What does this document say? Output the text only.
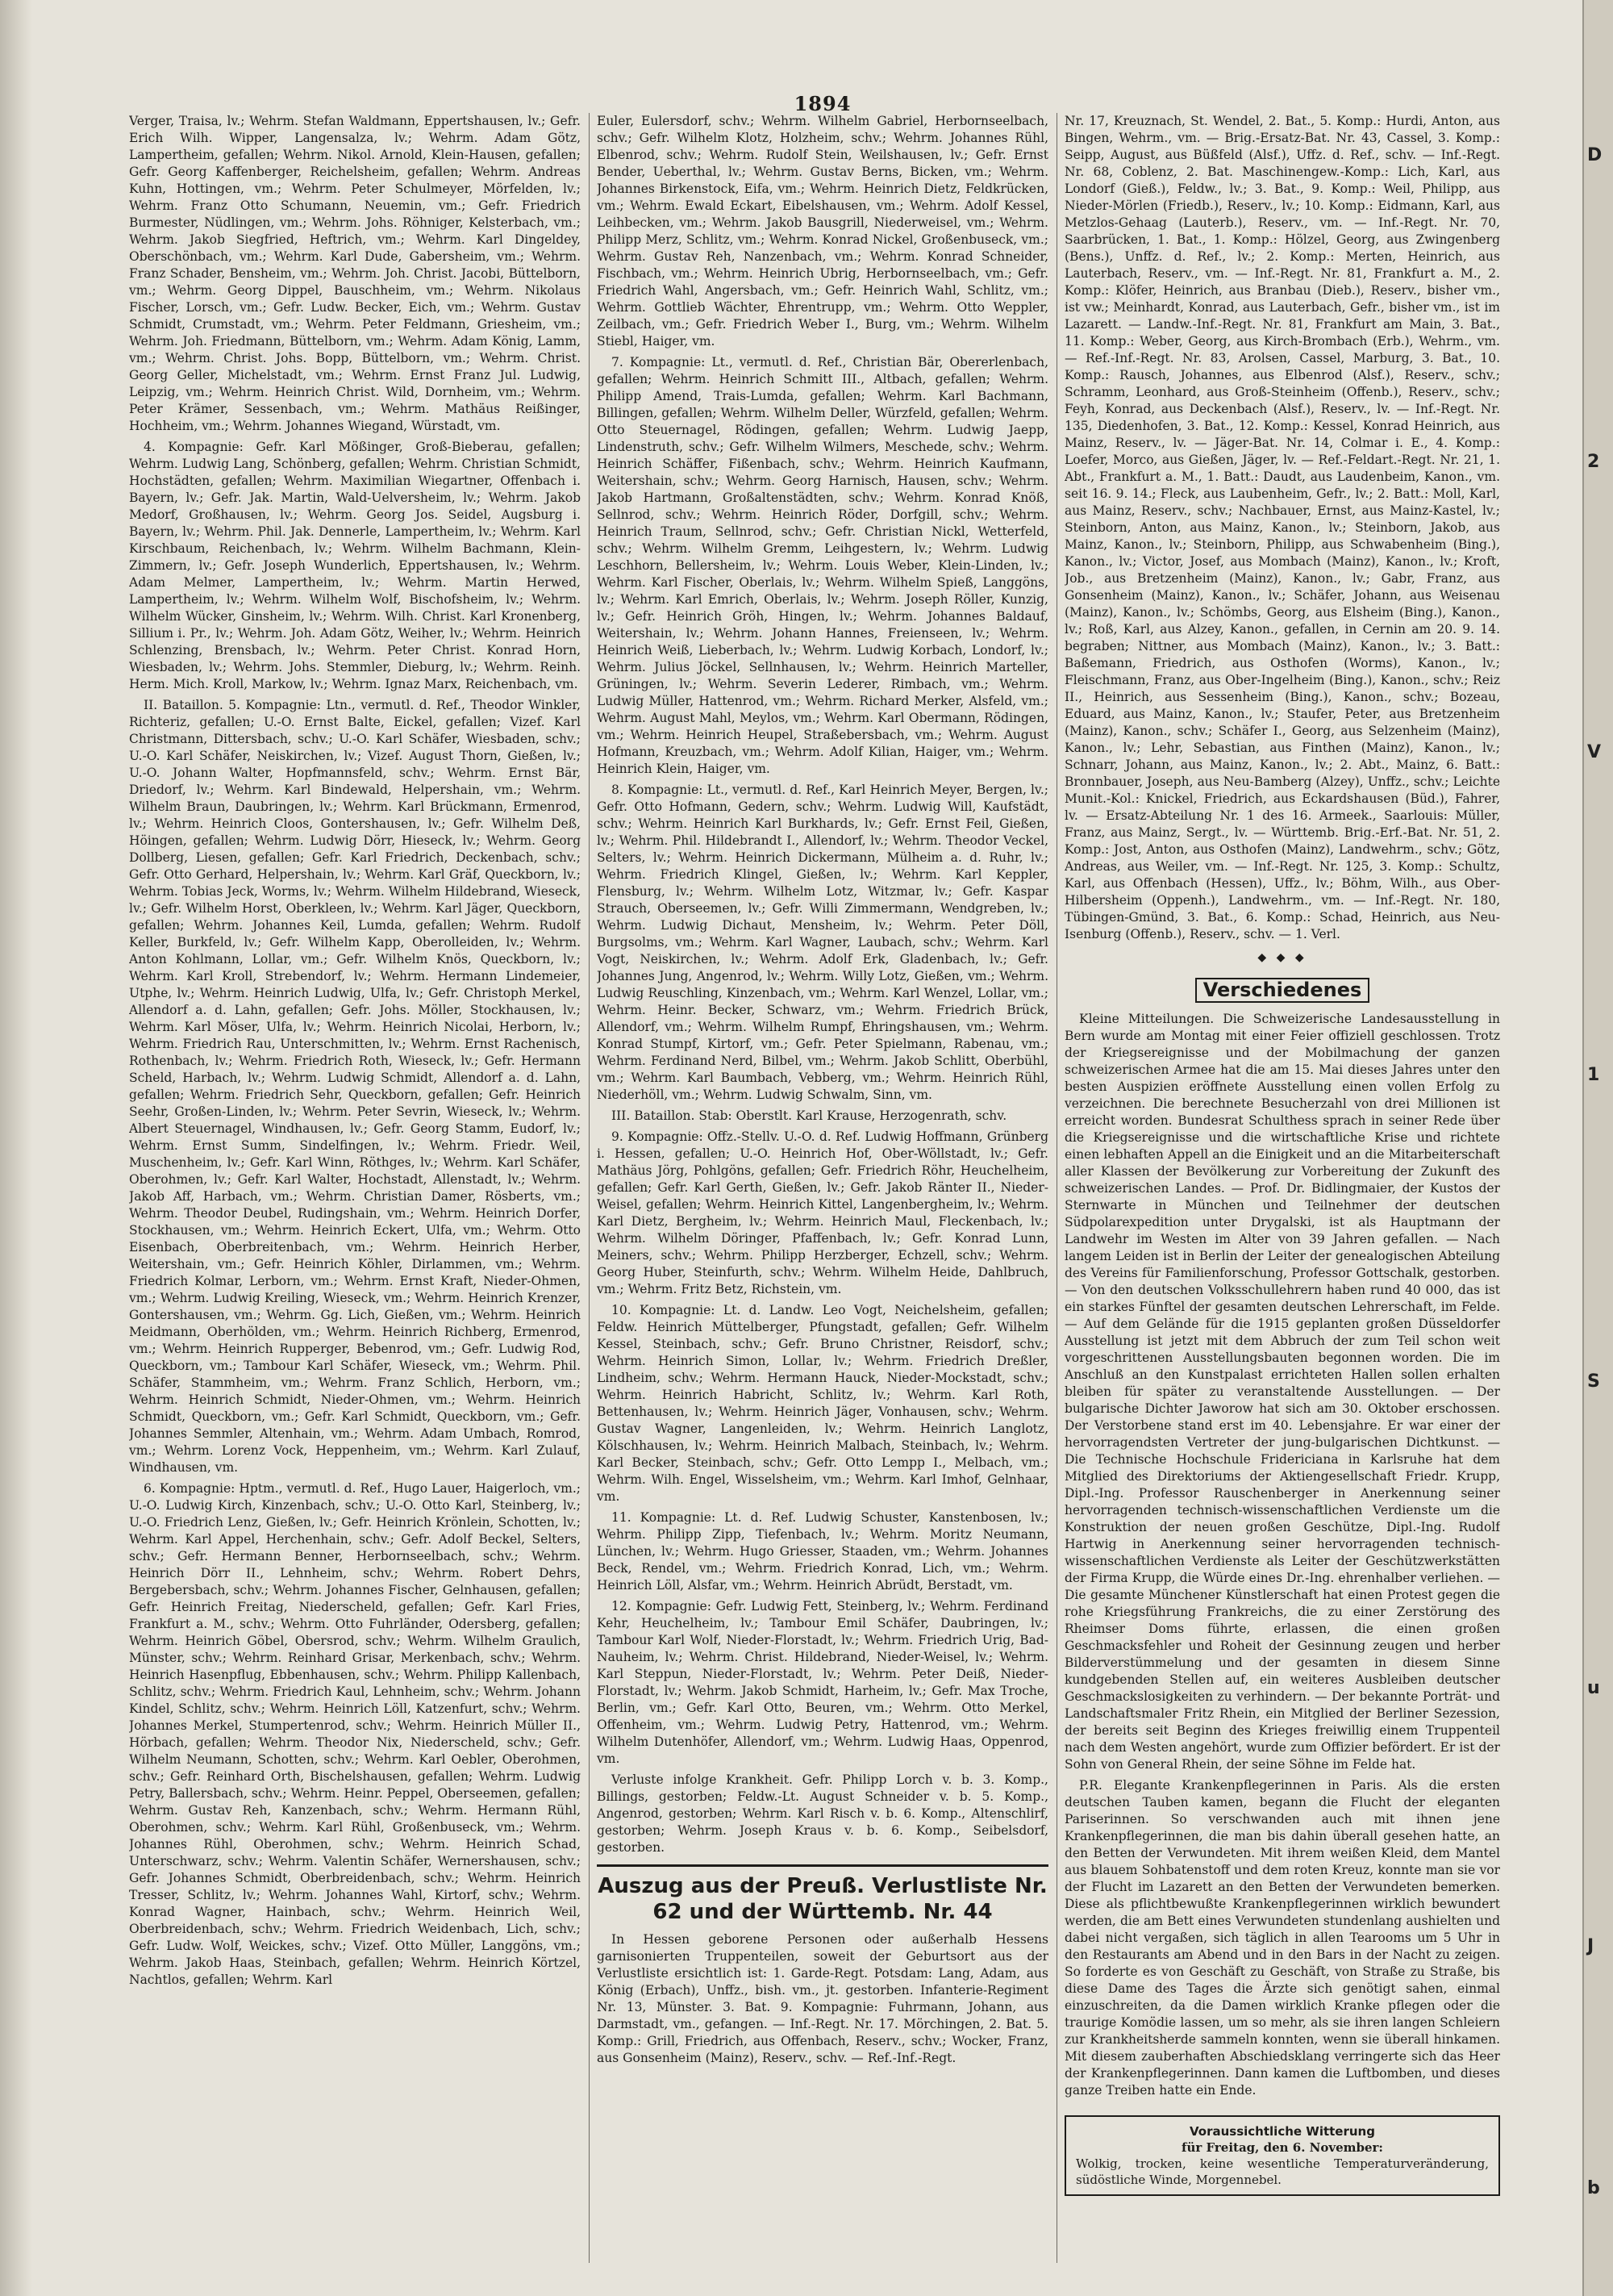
1894

Verger, Traisa, lv.; Wehrm. Stefan Waldmann, Eppertshausen, lv.; Gefr. Erich Wilh. Wipper, Langensalza, lv.; Wehrm. Adam Götz, Lampertheim, gefallen; Wehrm. Nikol. Arnold, Klein-Hausen, gefallen; Gefr. Georg Kaffenberger, Reichelsheim, gefallen; Wehrm. Andreas Kuhn, Hottingen, vm.; Wehrm. Peter Schulmeyer, Mörfelden, lv.; Wehrm. Franz Otto Schumann, Neuemin, vm.; Gefr. Friedrich Burmester, Nüdlingen, vm.; Wehrm. Johs. Röhniger, Kelsterbach, vm.; Wehrm. Jakob Siegfried, Heftrich, vm.; Wehrm. Karl Dingeldey, Oberschönbach, vm.; Wehrm. Karl Dude, Gabersheim, vm.; Wehrm. Franz Schader, Bensheim, vm.; Wehrm. Joh. Christ. Jacobi, Büttelborn, vm.; Wehrm. Georg Dippel, Bauschheim, vm.; Wehrm. Nikolaus Fischer, Lorsch, vm.; Gefr. Ludw. Becker, Eich, vm.; Wehrm. Gustav Schmidt, Crumstadt, vm.; Wehrm. Peter Feldmann, Griesheim, vm.; Wehrm. Joh. Friedmann, Büttelborn, vm.; Wehrm. Adam König, Lamm, vm.; Wehrm. Christ. Johs. Bopp, Büttelborn, vm.; Wehrm. Christ. Georg Geller, Michelstadt, vm.; Wehrm. Ernst Franz Jul. Ludwig, Leipzig, vm.; Wehrm. Heinrich Christ. Wild, Dornheim, vm.; Wehrm. Peter Krämer, Sessenbach, vm.; Wehrm. Mathäus Reißinger, Hochheim, vm.; Wehrm. Johannes Wiegand, Würstadt, vm.

4. Kompagnie: Gefr. Karl Mößinger, Groß-Bieberau, gefallen; Wehrm. Ludwig Lang, Schönberg, gefallen; Wehrm. Christian Schmidt, Hochstädten, gefallen; Wehrm. Maximilian Wiegartner, Offenbach i. Bayern, lv.; Gefr. Jak. Martin, Wald-Uelversheim, lv.; Wehrm. Jakob Medorf, Großhausen, lv.; Wehrm. Georg Jos. Seidel, Augsburg i. Bayern, lv.; Wehrm. Phil. Jak. Dennerle, Lampertheim, lv.; Wehrm. Karl Kirschbaum, Reichenbach, lv.; Wehrm. Wilhelm Bachmann, Klein-Zimmern, lv.; Gefr. Joseph Wunderlich, Eppertshausen, lv.; Wehrm. Adam Melmer, Lampertheim, lv.; Wehrm. Martin Herwed, Lampertheim, lv.; Wehrm. Wilhelm Wolf, Bischofsheim, lv.; Wehrm. Wilhelm Wücker, Ginsheim, lv.; Wehrm. Wilh. Christ. Karl Kronenberg, Sillium i. Pr., lv.; Wehrm. Joh. Adam Götz, Weiher, lv.; Wehrm. Heinrich Schlenzing, Brensbach, lv.; Wehrm. Peter Christ. Konrad Horn, Wiesbaden, lv.; Wehrm. Johs. Stemmler, Dieburg, lv.; Wehrm. Reinh. Herm. Mich. Kroll, Markow, lv.; Wehrm. Ignaz Marx, Reichenbach, vm.

II. Bataillon. 5. Kompagnie: Ltn., vermutl. d. Ref., Theodor Winkler, Richteriz, gefallen; U.-O. Ernst Balte, Eickel, gefallen; Vizef. Karl Christmann, Dittersbach, schv.; U.-O. Karl Schäfer, Wiesbaden, schv.; U.-O. Karl Schäfer, Neiskirchen, lv.; Vizef. August Thorn, Gießen, lv.; U.-O. Johann Walter, Hopfmannsfeld, schv.; Wehrm. Ernst Bär, Driedorf, lv.; Wehrm. Karl Bindewald, Helpershain, vm.; Wehrm. Wilhelm Braun, Daubringen, lv.; Wehrm. Karl Brückmann, Ermenrod, lv.; Wehrm. Heinrich Cloos, Gontershausen, lv.; Gefr. Wilhelm Deß, Höingen, gefallen; Wehrm. Ludwig Dörr, Hieseck, lv.; Wehrm. Georg Dollberg, Liesen, gefallen; Gefr. Karl Friedrich, Deckenbach, schv.; Gefr. Otto Gerhard, Helpershain, lv.; Wehrm. Karl Gräf, Queckborn, lv.; Wehrm. Tobias Jeck, Worms, lv.; Wehrm. Wilhelm Hildebrand, Wieseck, lv.; Gefr. Wilhelm Horst, Oberkleen, lv.; Wehrm. Karl Jäger, Queckborn, gefallen; Wehrm. Johannes Keil, Lumda, gefallen; Wehrm. Rudolf Keller, Burkfeld, lv.; Gefr. Wilhelm Kapp, Oberolleiden, lv.; Wehrm. Anton Kohlmann, Lollar, vm.; Gefr. Wilhelm Knös, Queckborn, lv.; Wehrm. Karl Kroll, Strebendorf, lv.; Wehrm. Hermann Lindemeier, Utphe, lv.; Wehrm. Heinrich Ludwig, Ulfa, lv.; Gefr. Christoph Merkel, Allendorf a. d. Lahn, gefallen; Gefr. Johs. Möller, Stockhausen, lv.; Wehrm. Karl Möser, Ulfa, lv.; Wehrm. Heinrich Nicolai, Herborn, lv.; Wehrm. Friedrich Rau, Unterschmitten, lv.; Wehrm. Ernst Rachenisch, Rothenbach, lv.; Wehrm. Friedrich Roth, Wieseck, lv.; Gefr. Hermann Scheld, Harbach, lv.; Wehrm. Ludwig Schmidt, Allendorf a. d. Lahn, gefallen; Wehrm. Friedrich Sehr, Queckborn, gefallen; Gefr. Heinrich Seehr, Großen-Linden, lv.; Wehrm. Peter Sevrin, Wieseck, lv.; Wehrm. Albert Steuernagel, Windhausen, lv.; Gefr. Georg Stamm, Eudorf, lv.; Wehrm. Ernst Summ, Sindelfingen, lv.; Wehrm. Friedr. Weil, Muschenheim, lv.; Gefr. Karl Winn, Röthges, lv.; Wehrm. Karl Schäfer, Oberohmen, lv.; Gefr. Karl Walter, Hochstadt, Allenstadt, lv.; Wehrm. Jakob Aff, Harbach, vm.; Wehrm. Christian Damer, Rösberts, vm.; Wehrm. Theodor Deubel, Rudingshain, vm.; Wehrm. Heinrich Dorfer, Stockhausen, vm.; Wehrm. Heinrich Eckert, Ulfa, vm.; Wehrm. Otto Eisenbach, Oberbreitenbach, vm.; Wehrm. Heinrich Herber, Weitershain, vm.; Gefr. Heinrich Köhler, Dirlammen, vm.; Wehrm. Friedrich Kolmar, Lerborn, vm.; Wehrm. Ernst Kraft, Nieder-Ohmen, vm.; Wehrm. Ludwig Kreiling, Wieseck, vm.; Wehrm. Heinrich Krenzer, Gontershausen, vm.; Wehrm. Gg. Lich, Gießen, vm.; Wehrm. Heinrich Meidmann, Oberhölden, vm.; Wehrm. Heinrich Richberg, Ermenrod, vm.; Wehrm. Heinrich Rupperger, Bebenrod, vm.; Gefr. Ludwig Rod, Queckborn, vm.; Tambour Karl Schäfer, Wieseck, vm.; Wehrm. Phil. Schäfer, Stammheim, vm.; Wehrm. Franz Schlich, Herborn, vm.; Wehrm. Heinrich Schmidt, Nieder-Ohmen, vm.; Wehrm. Heinrich Schmidt, Queckborn, vm.; Gefr. Karl Schmidt, Queckborn, vm.; Gefr. Johannes Semmler, Altenhain, vm.; Wehrm. Adam Umbach, Romrod, vm.; Wehrm. Lorenz Vock, Heppenheim, vm.; Wehrm. Karl Zulauf, Windhausen, vm.

6. Kompagnie: Hptm., vermutl. d. Ref., Hugo Lauer, Haigerloch, vm.; U.-O. Ludwig Kirch, Kinzenbach, schv.; U.-O. Otto Karl, Steinberg, lv.; U.-O. Friedrich Lenz, Gießen, lv.; Gefr. Heinrich Krönlein, Schotten, lv.; Wehrm. Karl Appel, Herchenhain, schv.; Gefr. Adolf Beckel, Selters, schv.; Gefr. Hermann Benner, Herbornseelbach, schv.; Wehrm. Heinrich Dörr II., Lehnheim, schv.; Wehrm. Robert Dehrs, Bergebersbach, schv.; Wehrm. Johannes Fischer, Gelnhausen, gefallen; Gefr. Heinrich Freitag, Niederscheld, gefallen; Gefr. Karl Fries, Frankfurt a. M., schv.; Wehrm. Otto Fuhrländer, Odersberg, gefallen; Wehrm. Heinrich Göbel, Obersrod, schv.; Wehrm. Wilhelm Graulich, Münster, schv.; Wehrm. Reinhard Grisar, Merkenbach, schv.; Wehrm. Heinrich Hasenpflug, Ebbenhausen, schv.; Wehrm. Philipp Kallenbach, Schlitz, schv.; Wehrm. Friedrich Kaul, Lehnheim, schv.; Wehrm. Johann Kindel, Schlitz, schv.; Wehrm. Heinrich Löll, Katzenfurt, schv.; Wehrm. Johannes Merkel, Stumpertenrod, schv.; Wehrm. Heinrich Müller II., Hörbach, gefallen; Wehrm. Theodor Nix, Niederscheld, schv.; Gefr. Wilhelm Neumann, Schotten, schv.; Wehrm. Karl Oebler, Oberohmen, schv.; Gefr. Reinhard Orth, Bischelshausen, gefallen; Wehrm. Ludwig Petry, Ballersbach, schv.; Wehrm. Heinr. Peppel, Oberseemen, gefallen; Wehrm. Gustav Reh, Kanzenbach, schv.; Wehrm. Hermann Rühl, Oberohmen, schv.; Wehrm. Karl Rühl, Großenbuseck, vm.; Wehrm. Johannes Rühl, Oberohmen, schv.; Wehrm. Heinrich Schad, Unterschwarz, schv.; Wehrm. Valentin Schäfer, Wernershausen, schv.; Gefr. Johannes Schmidt, Oberbreidenbach, schv.; Wehrm. Heinrich Tresser, Schlitz, lv.; Wehrm. Johannes Wahl, Kirtorf, schv.; Wehrm. Konrad Wagner, Hainbach, schv.; Wehrm. Heinrich Weil, Oberbreidenbach, schv.; Wehrm. Friedrich Weidenbach, Lich, schv.; Gefr. Ludw. Wolf, Weickes, schv.; Vizef. Otto Müller, Langgöns, vm.; Wehrm. Jakob Haas, Steinbach, gefallen; Wehrm. Heinrich Körtzel, Nachtlos, gefallen; Wehrm. Karl

Euler, Eulersdorf, schv.; Wehrm. Wilhelm Gabriel, Herbornseelbach, schv.; Gefr. Wilhelm Klotz, Holzheim, schv.; Wehrm. Johannes Rühl, Elbenrod, schv.; Wehrm. Rudolf Stein, Weilshausen, lv.; Gefr. Ernst Bender, Ueberthal, lv.; Wehrm. Gustav Berns, Bicken, vm.; Wehrm. Johannes Birkenstock, Eifa, vm.; Wehrm. Heinrich Dietz, Feldkrücken, vm.; Wehrm. Ewald Eckart, Eibelshausen, vm.; Wehrm. Adolf Kessel, Leihbecken, vm.; Wehrm. Jakob Bausgrill, Niederweisel, vm.; Wehrm. Philipp Merz, Schlitz, vm.; Wehrm. Konrad Nickel, Großenbuseck, vm.; Wehrm. Gustav Reh, Nanzenbach, vm.; Wehrm. Konrad Schneider, Fischbach, vm.; Wehrm. Heinrich Ubrig, Herbornseelbach, vm.; Gefr. Friedrich Wahl, Angersbach, vm.; Gefr. Heinrich Wahl, Schlitz, vm.; Wehrm. Gottlieb Wächter, Ehrentrupp, vm.; Wehrm. Otto Weppler, Zeilbach, vm.; Gefr. Friedrich Weber I., Burg, vm.; Wehrm. Wilhelm Stiebl, Haiger, vm.

7. Kompagnie: Lt., vermutl. d. Ref., Christian Bär, Obererlenbach, gefallen; Wehrm. Heinrich Schmitt III., Altbach, gefallen; Wehrm. Philipp Amend, Trais-Lumda, gefallen; Wehrm. Karl Bachmann, Billingen, gefallen; Wehrm. Wilhelm Deller, Würzfeld, gefallen; Wehrm. Otto Steuernagel, Rödingen, gefallen; Wehrm. Ludwig Jaepp, Lindenstruth, schv.; Gefr. Wilhelm Wilmers, Meschede, schv.; Wehrm. Heinrich Schäffer, Fißenbach, schv.; Wehrm. Heinrich Kaufmann, Weitershain, schv.; Wehrm. Georg Harnisch, Hausen, schv.; Wehrm. Jakob Hartmann, Großaltenstädten, schv.; Wehrm. Konrad Knöß, Sellnrod, schv.; Wehrm. Heinrich Röder, Dorfgill, schv.; Wehrm. Heinrich Traum, Sellnrod, schv.; Gefr. Christian Nickl, Wetterfeld, schv.; Wehrm. Wilhelm Gremm, Leihgestern, lv.; Wehrm. Ludwig Leschhorn, Bellersheim, lv.; Wehrm. Louis Weber, Klein-Linden, lv.; Wehrm. Karl Fischer, Oberlais, lv.; Wehrm. Wilhelm Spieß, Langgöns, lv.; Wehrm. Karl Emrich, Oberlais, lv.; Wehrm. Joseph Röller, Kunzig, lv.; Gefr. Heinrich Gröh, Hingen, lv.; Wehrm. Johannes Baldauf, Weitershain, lv.; Wehrm. Johann Hannes, Freienseen, lv.; Wehrm. Heinrich Weiß, Lieberbach, lv.; Wehrm. Ludwig Korbach, Londorf, lv.; Wehrm. Julius Jöckel, Sellnhausen, lv.; Wehrm. Heinrich Marteller, Grüningen, lv.; Wehrm. Severin Lederer, Rimbach, vm.; Wehrm. Ludwig Müller, Hattenrod, vm.; Wehrm. Richard Merker, Alsfeld, vm.; Wehrm. August Mahl, Meylos, vm.; Wehrm. Karl Obermann, Rödingen, vm.; Wehrm. Heinrich Heupel, Straßebersbach, vm.; Wehrm. August Hofmann, Kreuzbach, vm.; Wehrm. Adolf Kilian, Haiger, vm.; Wehrm. Heinrich Klein, Haiger, vm.

8. Kompagnie: Lt., vermutl. d. Ref., Karl Heinrich Meyer, Bergen, lv.; Gefr. Otto Hofmann, Gedern, schv.; Wehrm. Ludwig Will, Kaufstädt, schv.; Wehrm. Heinrich Karl Burkhards, lv.; Gefr. Ernst Feil, Gießen, lv.; Wehrm. Phil. Hildebrandt I., Allendorf, lv.; Wehrm. Theodor Veckel, Selters, lv.; Wehrm. Heinrich Dickermann, Mülheim a. d. Ruhr, lv.; Wehrm. Friedrich Klingel, Gießen, lv.; Wehrm. Karl Keppler, Flensburg, lv.; Wehrm. Wilhelm Lotz, Witzmar, lv.; Gefr. Kaspar Strauch, Oberseemen, lv.; Gefr. Willi Zimmermann, Wendgreben, lv.; Wehrm. Ludwig Dichaut, Mensheim, lv.; Wehrm. Peter Döll, Burgsolms, vm.; Wehrm. Karl Wagner, Laubach, schv.; Wehrm. Karl Vogt, Neiskirchen, lv.; Wehrm. Adolf Erk, Gladenbach, lv.; Gefr. Johannes Jung, Angenrod, lv.; Wehrm. Willy Lotz, Gießen, vm.; Wehrm. Ludwig Reuschling, Kinzenbach, vm.; Wehrm. Karl Wenzel, Lollar, vm.; Wehrm. Heinr. Becker, Schwarz, vm.; Wehrm. Friedrich Brück, Allendorf, vm.; Wehrm. Wilhelm Rumpf, Ehringshausen, vm.; Wehrm. Konrad Stumpf, Kirtorf, vm.; Gefr. Peter Spielmann, Rabenau, vm.; Wehrm. Ferdinand Nerd, Bilbel, vm.; Wehrm. Jakob Schlitt, Oberbühl, vm.; Wehrm. Karl Baumbach, Vebberg, vm.; Wehrm. Heinrich Rühl, Niederhöll, vm.; Wehrm. Ludwig Schwalm, Sinn, vm.

III. Bataillon. Stab: Oberstlt. Karl Krause, Herzogenrath, schv.

9. Kompagnie: Offz.-Stellv. U.-O. d. Ref. Ludwig Hoffmann, Grünberg i. Hessen, gefallen; U.-O. Heinrich Hof, Ober-Wöllstadt, lv.; Gefr. Mathäus Jörg, Pohlgöns, gefallen; Gefr. Friedrich Röhr, Heuchelheim, gefallen; Gefr. Karl Gerth, Gießen, lv.; Gefr. Jakob Ränter II., Nieder-Weisel, gefallen; Wehrm. Heinrich Kittel, Langenbergheim, lv.; Wehrm. Karl Dietz, Bergheim, lv.; Wehrm. Heinrich Maul, Fleckenbach, lv.; Wehrm. Wilhelm Döringer, Pfaffenbach, lv.; Gefr. Konrad Lunn, Meiners, schv.; Wehrm. Philipp Herzberger, Echzell, schv.; Wehrm. Georg Huber, Steinfurth, schv.; Wehrm. Wilhelm Heide, Dahlbruch, vm.; Wehrm. Fritz Betz, Richstein, vm.

10. Kompagnie: Lt. d. Landw. Leo Vogt, Neichelsheim, gefallen; Feldw. Heinrich Müttelberger, Pfungstadt, gefallen; Gefr. Wilhelm Kessel, Steinbach, schv.; Gefr. Bruno Christner, Reisdorf, schv.; Wehrm. Heinrich Simon, Lollar, lv.; Wehrm. Friedrich Dreßler, Lindheim, schv.; Wehrm. Hermann Hauck, Nieder-Mockstadt, schv.; Wehrm. Heinrich Habricht, Schlitz, lv.; Wehrm. Karl Roth, Bettenhausen, lv.; Wehrm. Heinrich Jäger, Vonhausen, schv.; Wehrm. Gustav Wagner, Langenleiden, lv.; Wehrm. Heinrich Langlotz, Kölschhausen, lv.; Wehrm. Heinrich Malbach, Steinbach, lv.; Wehrm. Karl Becker, Steinbach, schv.; Gefr. Otto Lempp I., Melbach, vm.; Wehrm. Wilh. Engel, Wisselsheim, vm.; Wehrm. Karl Imhof, Gelnhaar, vm.

11. Kompagnie: Lt. d. Ref. Ludwig Schuster, Kanstenbosen, lv.; Wehrm. Philipp Zipp, Tiefenbach, lv.; Wehrm. Moritz Neumann, Lünchen, lv.; Wehrm. Hugo Griesser, Staaden, vm.; Wehrm. Johannes Beck, Rendel, vm.; Wehrm. Friedrich Konrad, Lich, vm.; Wehrm. Heinrich Löll, Alsfar, vm.; Wehrm. Heinrich Abrüdt, Berstadt, vm.

12. Kompagnie: Gefr. Ludwig Fett, Steinberg, lv.; Wehrm. Ferdinand Kehr, Heuchelheim, lv.; Tambour Emil Schäfer, Daubringen, lv.; Tambour Karl Wolf, Nieder-Florstadt, lv.; Wehrm. Friedrich Urig, Bad-Nauheim, lv.; Wehrm. Christ. Hildebrand, Nieder-Weisel, lv.; Wehrm. Karl Steppun, Nieder-Florstadt, lv.; Wehrm. Peter Deiß, Nieder-Florstadt, lv.; Wehrm. Jakob Schmidt, Harheim, lv.; Gefr. Max Troche, Berlin, vm.; Gefr. Karl Otto, Beuren, vm.; Wehrm. Otto Merkel, Offenheim, vm.; Wehrm. Ludwig Petry, Hattenrod, vm.; Wehrm. Wilhelm Dutenhöfer, Allendorf, vm.; Wehrm. Ludwig Haas, Oppenrod, vm.

Verluste infolge Krankheit. Gefr. Philipp Lorch v. b. 3. Komp., Billings, gestorben; Feldw.-Lt. August Schneider v. b. 5. Komp., Angenrod, gestorben; Wehrm. Karl Risch v. b. 6. Komp., Altenschlirf, gestorben; Wehrm. Joseph Kraus v. b. 6. Komp., Seibelsdorf, gestorben.

Auszug aus der Preuß. Verlustliste Nr. 62 und der Württemb. Nr. 44

In Hessen geborene Personen oder außerhalb Hessens garnisonierten Truppenteilen, soweit der Geburtsort aus der Verlustliste ersichtlich ist: 1. Garde-Regt. Potsdam: Lang, Adam, aus König (Erbach), Unffz., bish. vm., jt. gestorben. Infanterie-Regiment Nr. 13, Münster. 3. Bat. 9. Kompagnie: Fuhrmann, Johann, aus Darmstadt, vm., gefangen. — Inf.-Regt. Nr. 17. Mörchingen, 2. Bat. 5. Komp.: Grill, Friedrich, aus Offenbach, Reserv., schv.; Wocker, Franz, aus Gonsenheim (Mainz), Reserv., schv. — Ref.-Inf.-Regt.

Nr. 17, Kreuznach, St. Wendel, 2. Bat., 5. Komp.: Hurdi, Anton, aus Bingen, Wehrm., vm. — Brig.-Ersatz-Bat. Nr. 43, Cassel, 3. Komp.: Seipp, August, aus Büßfeld (Alsf.), Uffz. d. Ref., schv. — Inf.-Regt. Nr. 68, Coblenz, 2. Bat. Maschinengew.-Komp.: Lich, Karl, aus Londorf (Gieß.), Feldw., lv.; 3. Bat., 9. Komp.: Weil, Philipp, aus Nieder-Mörlen (Friedb.), Reserv., lv.; 10. Komp.: Eidmann, Karl, aus Metzlos-Gehaag (Lauterb.), Reserv., vm. — Inf.-Regt. Nr. 70, Saarbrücken, 1. Bat., 1. Komp.: Hölzel, Georg, aus Zwingenberg (Bens.), Unffz. d. Ref., lv.; 2. Komp.: Merten, Heinrich, aus Lauterbach, Reserv., vm. — Inf.-Regt. Nr. 81, Frankfurt a. M., 2. Komp.: Klöfer, Heinrich, aus Branbau (Dieb.), Reserv., bisher vm., ist vw.; Meinhardt, Konrad, aus Lauterbach, Gefr., bisher vm., ist im Lazarett. — Landw.-Inf.-Regt. Nr. 81, Frankfurt am Main, 3. Bat., 11. Komp.: Weber, Georg, aus Kirch-Brombach (Erb.), Wehrm., vm. — Ref.-Inf.-Regt. Nr. 83, Arolsen, Cassel, Marburg, 3. Bat., 10. Komp.: Rausch, Johannes, aus Elbenrod (Alsf.), Reserv., schv.; Schramm, Leonhard, aus Groß-Steinheim (Offenb.), Reserv., schv.; Feyh, Konrad, aus Deckenbach (Alsf.), Reserv., lv. — Inf.-Regt. Nr. 135, Diedenhofen, 3. Bat., 12. Komp.: Kessel, Konrad Heinrich, aus Mainz, Reserv., lv. — Jäger-Bat. Nr. 14, Colmar i. E., 4. Komp.: Loefer, Morco, aus Gießen, Jäger, lv. — Ref.-Feldart.-Regt. Nr. 21, 1. Abt., Frankfurt a. M., 1. Batt.: Daudt, aus Laudenbeim, Kanon., vm. seit 16. 9. 14.; Fleck, aus Laubenheim, Gefr., lv.; 2. Batt.: Moll, Karl, aus Mainz, Reserv., schv.; Nachbauer, Ernst, aus Mainz-Kastel, lv.; Steinborn, Anton, aus Mainz, Kanon., lv.; Steinborn, Jakob, aus Mainz, Kanon., lv.; Steinborn, Philipp, aus Schwabenheim (Bing.), Kanon., lv.; Victor, Josef, aus Mombach (Mainz), Kanon., lv.; Kroft, Job., aus Bretzenheim (Mainz), Kanon., lv.; Gabr, Franz, aus Gonsenheim (Mainz), Kanon., lv.; Schäfer, Johann, aus Weisenau (Mainz), Kanon., lv.; Schömbs, Georg, aus Elsheim (Bing.), Kanon., lv.; Roß, Karl, aus Alzey, Kanon., gefallen, in Cernin am 20. 9. 14. begraben; Nittner, aus Mombach (Mainz), Kanon., lv.; 3. Batt.: Baßemann, Friedrich, aus Osthofen (Worms), Kanon., lv.; Fleischmann, Franz, aus Ober-Ingelheim (Bing.), Kanon., schv.; Reiz II., Heinrich, aus Sessenheim (Bing.), Kanon., schv.; Bozeau, Eduard, aus Mainz, Kanon., lv.; Staufer, Peter, aus Bretzenheim (Mainz), Kanon., schv.; Schäfer I., Georg, aus Selzenheim (Mainz), Kanon., lv.; Lehr, Sebastian, aus Finthen (Mainz), Kanon., lv.; Schnarr, Johann, aus Mainz, Kanon., lv.; 2. Abt., Mainz, 6. Batt.: Bronnbauer, Joseph, aus Neu-Bamberg (Alzey), Unffz., schv.; Leichte Munit.-Kol.: Knickel, Friedrich, aus Eckardshausen (Büd.), Fahrer, lv. — Ersatz-Abteilung Nr. 1 des 16. Armeek., Saarlouis: Müller, Franz, aus Mainz, Sergt., lv. — Württemb. Brig.-Erf.-Bat. Nr. 51, 2. Komp.: Jost, Anton, aus Osthofen (Mainz), Landwehrm., schv.; Götz, Andreas, aus Weiler, vm. — Inf.-Regt. Nr. 125, 3. Komp.: Schultz, Karl, aus Offenbach (Hessen), Uffz., lv.; Böhm, Wilh., aus Ober-Hilbersheim (Oppenh.), Landwehrm., vm. — Inf.-Regt. Nr. 180, Tübingen-Gmünd, 3. Bat., 6. Komp.: Schad, Heinrich, aus Neu-Isenburg (Offenb.), Reserv., schv. — 1. Verl.

◆ ◆ ◆
Verschiedenes

Kleine Mitteilungen. Die Schweizerische Landesausstellung in Bern wurde am Montag mit einer Feier offiziell geschlossen. Trotz der Kriegsereignisse und der Mobilmachung der ganzen schweizerischen Armee hat die am 15. Mai dieses Jahres unter den besten Auspizien eröffnete Ausstellung einen vollen Erfolg zu verzeichnen. Die berechnete Besucherzahl von drei Millionen ist erreicht worden. Bundesrat Schulthess sprach in seiner Rede über die Kriegsereignisse und die wirtschaftliche Krise und richtete einen lebhaften Appell an die Einigkeit und an die Mitarbeiterschaft aller Klassen der Bevölkerung zur Vorbereitung der Zukunft des schweizerischen Landes. — Prof. Dr. Bidlingmaier, der Kustos der Sternwarte in München und Teilnehmer der deutschen Südpolarexpedition unter Drygalski, ist als Hauptmann der Landwehr im Westen im Alter von 39 Jahren gefallen. — Nach langem Leiden ist in Berlin der Leiter der genealogischen Abteilung des Vereins für Familienforschung, Professor Gottschalk, gestorben. — Von den deutschen Volksschullehrern haben rund 40 000, das ist ein starkes Fünftel der gesamten deutschen Lehrerschaft, im Felde. — Auf dem Gelände für die 1915 geplanten großen Düsseldorfer Ausstellung ist jetzt mit dem Abbruch der zum Teil schon weit vorgeschrittenen Ausstellungsbauten begonnen worden. Die im Anschluß an den Kunstpalast errichteten Hallen sollen erhalten bleiben für später zu veranstaltende Ausstellungen. — Der bulgarische Dichter Jaworow hat sich am 30. Oktober erschossen. Der Verstorbene stand erst im 40. Lebensjahre. Er war einer der hervorragendsten Vertreter der jung-bulgarischen Dichtkunst. — Die Technische Hochschule Fridericiana in Karlsruhe hat dem Mitglied des Direktoriums der Aktiengesellschaft Friedr. Krupp, Dipl.-Ing. Professor Rauschenberger in Anerkennung seiner hervorragenden technisch-wissenschaftlichen Verdienste um die Konstruktion der neuen großen Geschütze, Dipl.-Ing. Rudolf Hartwig in Anerkennung seiner hervorragenden technisch-wissenschaftlichen Verdienste als Leiter der Geschützwerkstätten der Firma Krupp, die Würde eines Dr.-Ing. ehrenhalber verliehen. — Die gesamte Münchener Künstlerschaft hat einen Protest gegen die rohe Kriegsführung Frankreichs, die zu einer Zerstörung des Rheimser Doms führte, erlassen, die einen großen Geschmacksfehler und Roheit der Gesinnung zeugen und herber Bilderverstümmelung und der gesamten in diesem Sinne kundgebenden Stellen auf, ein weiteres Ausbleiben deutscher Geschmackslosigkeiten zu verhindern. — Der bekannte Porträt- und Landschaftsmaler Fritz Rhein, ein Mitglied der Berliner Sezession, der bereits seit Beginn des Krieges freiwillig einem Truppenteil nach dem Westen angehört, wurde zum Offizier befördert. Er ist der Sohn von General Rhein, der seine Söhne im Felde hat.

P.R. Elegante Krankenpflegerinnen in Paris. Als die ersten deutschen Tauben kamen, begann die Flucht der eleganten Pariserinnen. So verschwanden auch mit ihnen jene Krankenpflegerinnen, die man bis dahin überall gesehen hatte, an den Betten der Verwundeten. Mit ihrem weißen Kleid, dem Mantel aus blauem Sohbatenstoff und dem roten Kreuz, konnte man sie vor der Flucht im Lazarett an den Betten der Verwundeten bemerken. Diese als pflichtbewußte Krankenpflegerinnen wirklich bewundert werden, die am Bett eines Verwundeten stundenlang aushielten und dabei nicht vergaßen, sich täglich in allen Tearooms um 5 Uhr in den Restaurants am Abend und in den Bars in der Nacht zu zeigen. So forderte es von Geschäft zu Geschäft, von Straße zu Straße, bis diese Dame des Tages die Ärzte sich genötigt sahen, einmal einzuschreiten, da die Damen wirklich Kranke pflegen oder die traurige Komödie lassen, um so mehr, als sie ihren langen Schleiern zur Krankheitsherde sammeln konnten, wenn sie überall hinkamen. Mit diesem zauberhaften Abschiedsklang verringerte sich das Heer der Krankenpflegerinnen. Dann kamen die Luftbomben, und dieses ganze Treiben hatte ein Ende.

Voraussichtliche Witterung
für Freitag, den 6. November:
Wolkig, trocken, keine wesentliche Temperaturveränderung, südöstliche Winde, Morgennebel.
D
2
V
1
S
u
J
b
